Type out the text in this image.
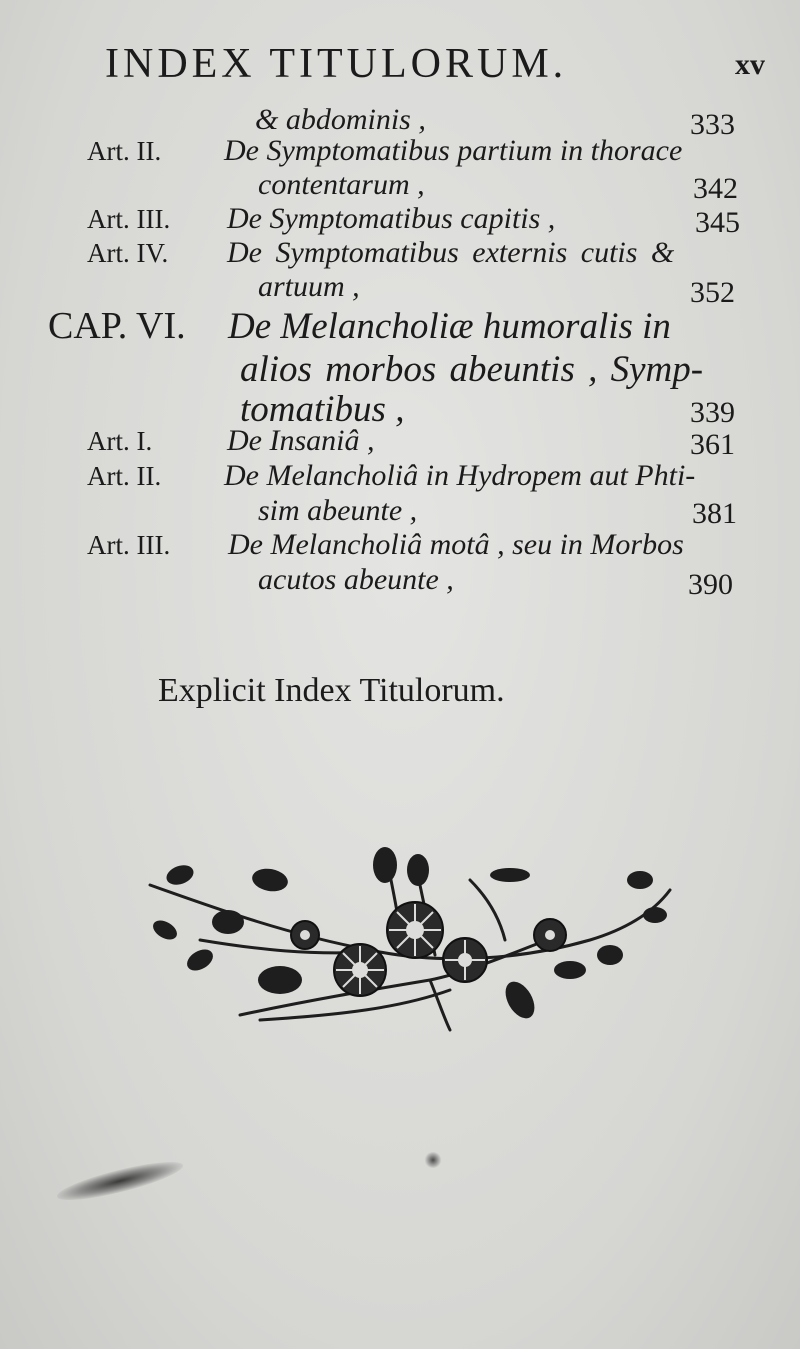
INDEX TITULORUM.	xv
& abdominis ,	333
Art. II. De Symptomatibus partium in thorace
contentarum ,	342
Art. III. De Symptomatibus capitis ,	345
Art. IV. De Symptomatibus externis cutis &
artuum ,	352
CAP. VI. De Melancholiæ humoralis in
alios morbos abeuntis , Symp-
tomatibus ,	339
Art. I. De Insaniâ ,	361
Art. II. De Melancholiâ in Hydropem aut Phti-
sim abeunte ,	381
Art. III. De Melancholiâ motâ , seu in Morbos
acutos abeunte ,	390
Explicit Index Titulorum.
